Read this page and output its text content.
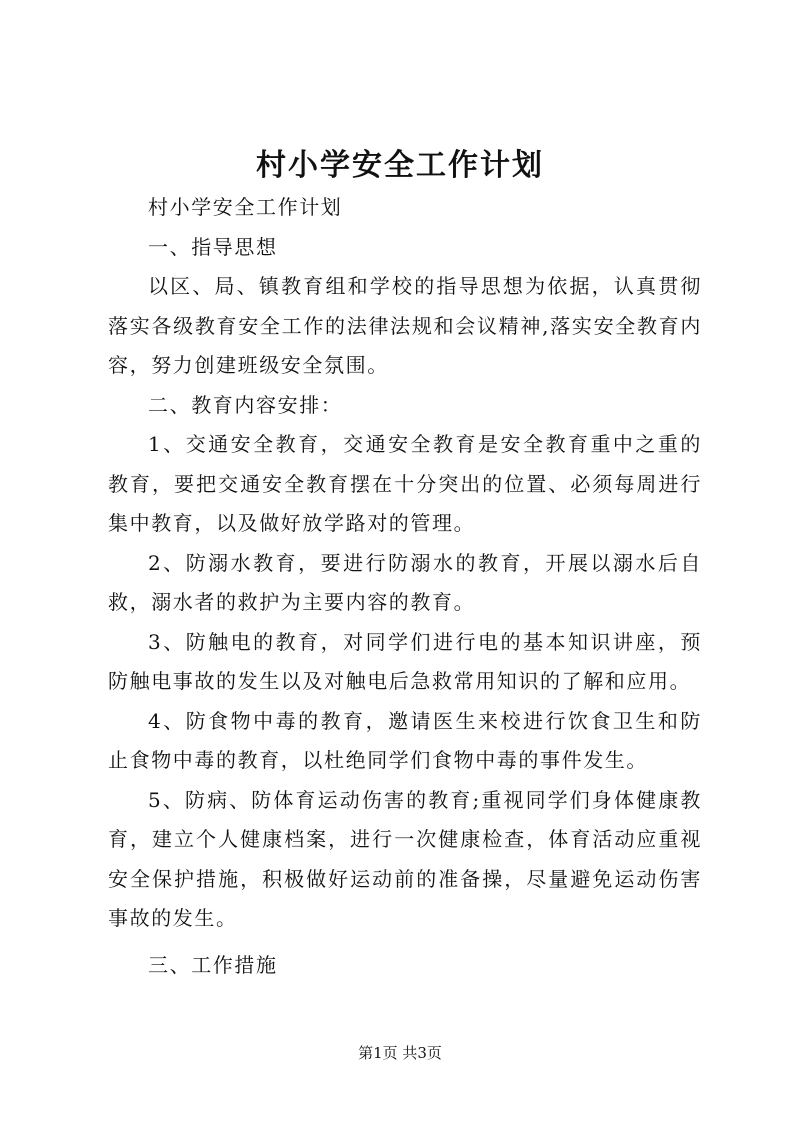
村小学安全工作计划

村小学安全工作计划

一、指导思想

以区、局、镇教育组和学校的指导思想为依据，认真贯彻落实各级教育安全工作的法律法规和会议精神,落实安全教育内容，努力创建班级安全氛围。

二、教育内容安排：

1、交通安全教育，交通安全教育是安全教育重中之重的教育，要把交通安全教育摆在十分突出的位置、必须每周进行集中教育，以及做好放学路对的管理。

2、防溺水教育，要进行防溺水的教育，开展以溺水后自救，溺水者的救护为主要内容的教育。

3、防触电的教育，对同学们进行电的基本知识讲座，预防触电事故的发生以及对触电后急救常用知识的了解和应用。

4、防食物中毒的教育，邀请医生来校进行饮食卫生和防止食物中毒的教育，以杜绝同学们食物中毒的事件发生。

5、防病、防体育运动伤害的教育;重视同学们身体健康教育，建立个人健康档案，进行一次健康检查，体育活动应重视安全保护措施，积极做好运动前的准备操，尽量避免运动伤害事故的发生。

三、工作措施

第1页 共3页
